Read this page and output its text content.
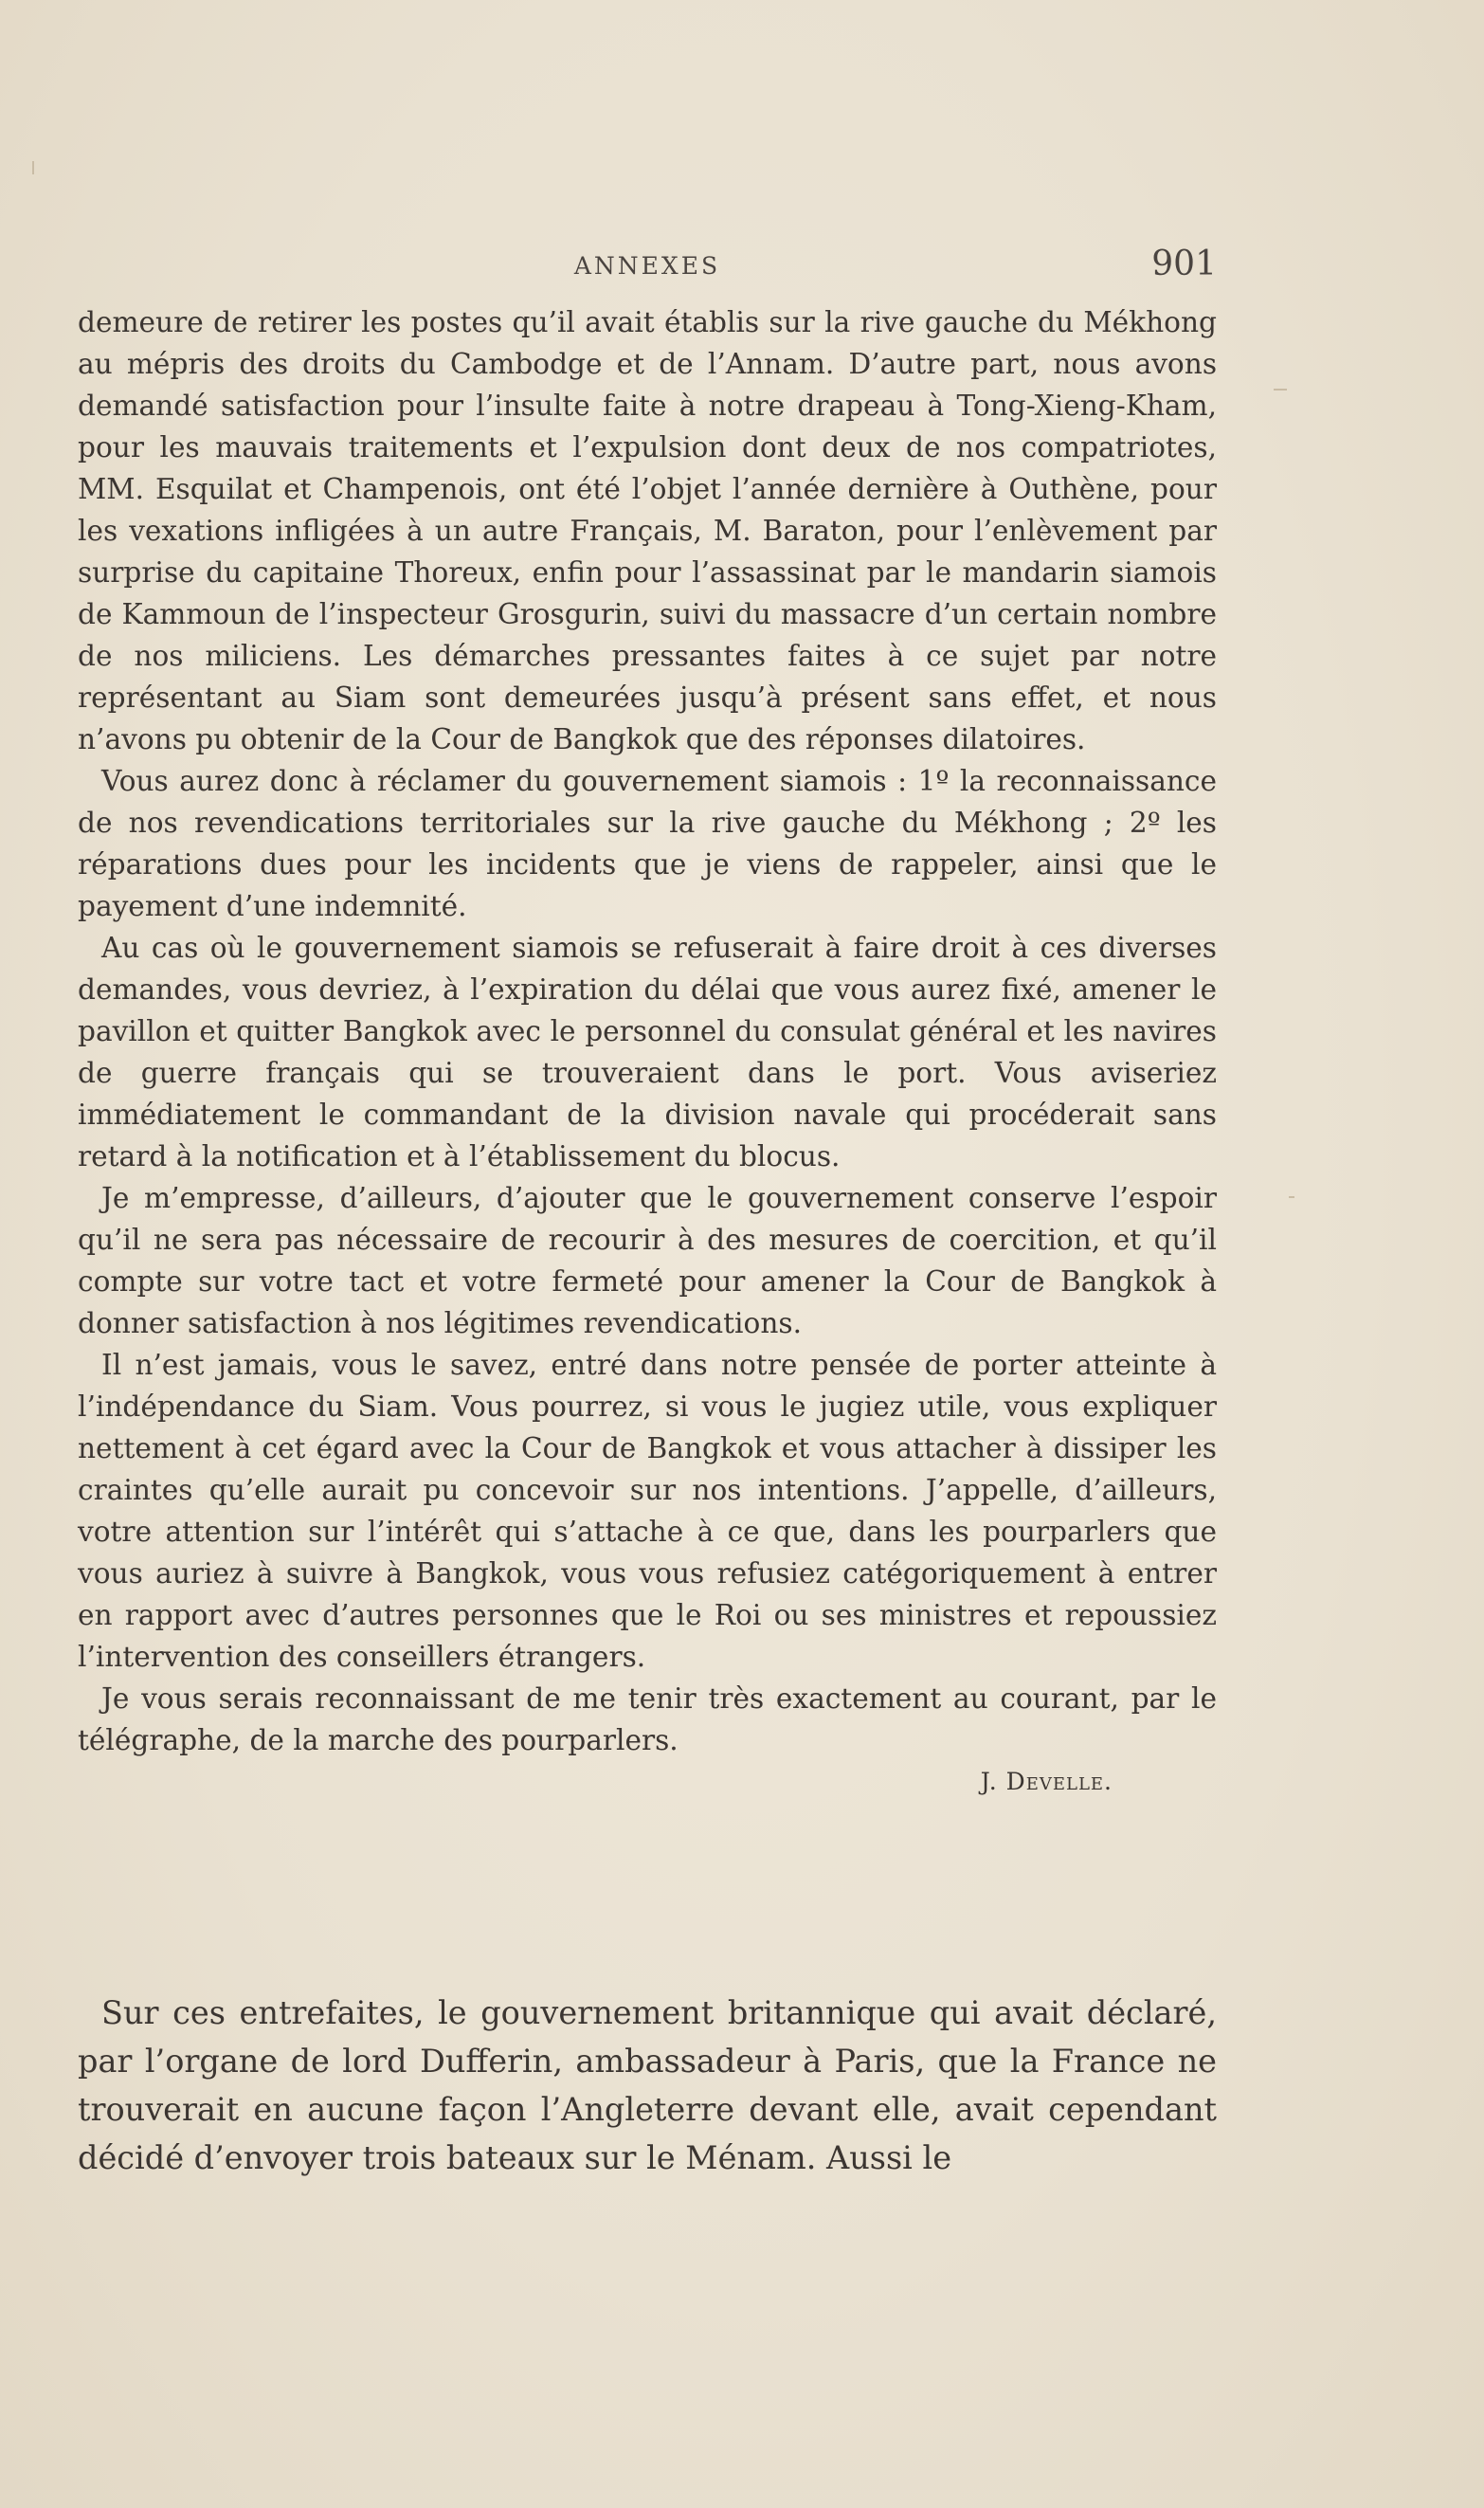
ANNEXES	901

demeure de retirer les postes qu’il avait établis sur la rive gauche du Mékhong au mépris des droits du Cambodge et de l’Annam. D’autre part, nous avons demandé satisfaction pour l’insulte faite à notre drapeau à Tong-Xieng-Kham, pour les mauvais traitements et l’expulsion dont deux de nos compatriotes, MM. Esquilat et Champenois, ont été l’objet l’année dernière à Outhène, pour les vexations infligées à un autre Français, M. Baraton, pour l’enlèvement par surprise du capitaine Thoreux, enfin pour l’assassinat par le mandarin siamois de Kammoun de l’inspecteur Grosgurin, suivi du massacre d’un certain nombre de nos miliciens. Les démarches pressantes faites à ce sujet par notre représentant au Siam sont demeurées jusqu’à présent sans effet, et nous n’avons pu obtenir de la Cour de Bangkok que des réponses dilatoires.

Vous aurez donc à réclamer du gouvernement siamois : 1º la reconnaissance de nos revendications territoriales sur la rive gauche du Mékhong ; 2º les réparations dues pour les incidents que je viens de rappeler, ainsi que le payement d’une indemnité.

Au cas où le gouvernement siamois se refuserait à faire droit à ces diverses demandes, vous devriez, à l’expiration du délai que vous aurez fixé, amener le pavillon et quitter Bangkok avec le personnel du consulat général et les navires de guerre français qui se trouveraient dans le port. Vous aviseriez immédiatement le commandant de la division navale qui procéderait sans retard à la notification et à l’établissement du blocus.

Je m’empresse, d’ailleurs, d’ajouter que le gouvernement conserve l’espoir qu’il ne sera pas nécessaire de recourir à des mesures de coercition, et qu’il compte sur votre tact et votre fermeté pour amener la Cour de Bangkok à donner satisfaction à nos légitimes revendications.

Il n’est jamais, vous le savez, entré dans notre pensée de porter atteinte à l’indépendance du Siam. Vous pourrez, si vous le jugiez utile, vous expliquer nettement à cet égard avec la Cour de Bangkok et vous attacher à dissiper les craintes qu’elle aurait pu concevoir sur nos intentions. J’appelle, d’ailleurs, votre attention sur l’intérêt qui s’attache à ce que, dans les pourparlers que vous auriez à suivre à Bangkok, vous vous refusiez catégoriquement à entrer en rapport avec d’autres personnes que le Roi ou ses ministres et repoussiez l’intervention des conseillers étrangers.

Je vous serais reconnaissant de me tenir très exactement au courant, par le télégraphe, de la marche des pourparlers.

J. Develle.

Sur ces entrefaites, le gouvernement britannique qui avait déclaré, par l’organe de lord Dufferin, ambassadeur à Paris, que la France ne trouverait en aucune façon l’Angleterre devant elle, avait cependant décidé d’envoyer trois bateaux sur le Ménam. Aussi le
